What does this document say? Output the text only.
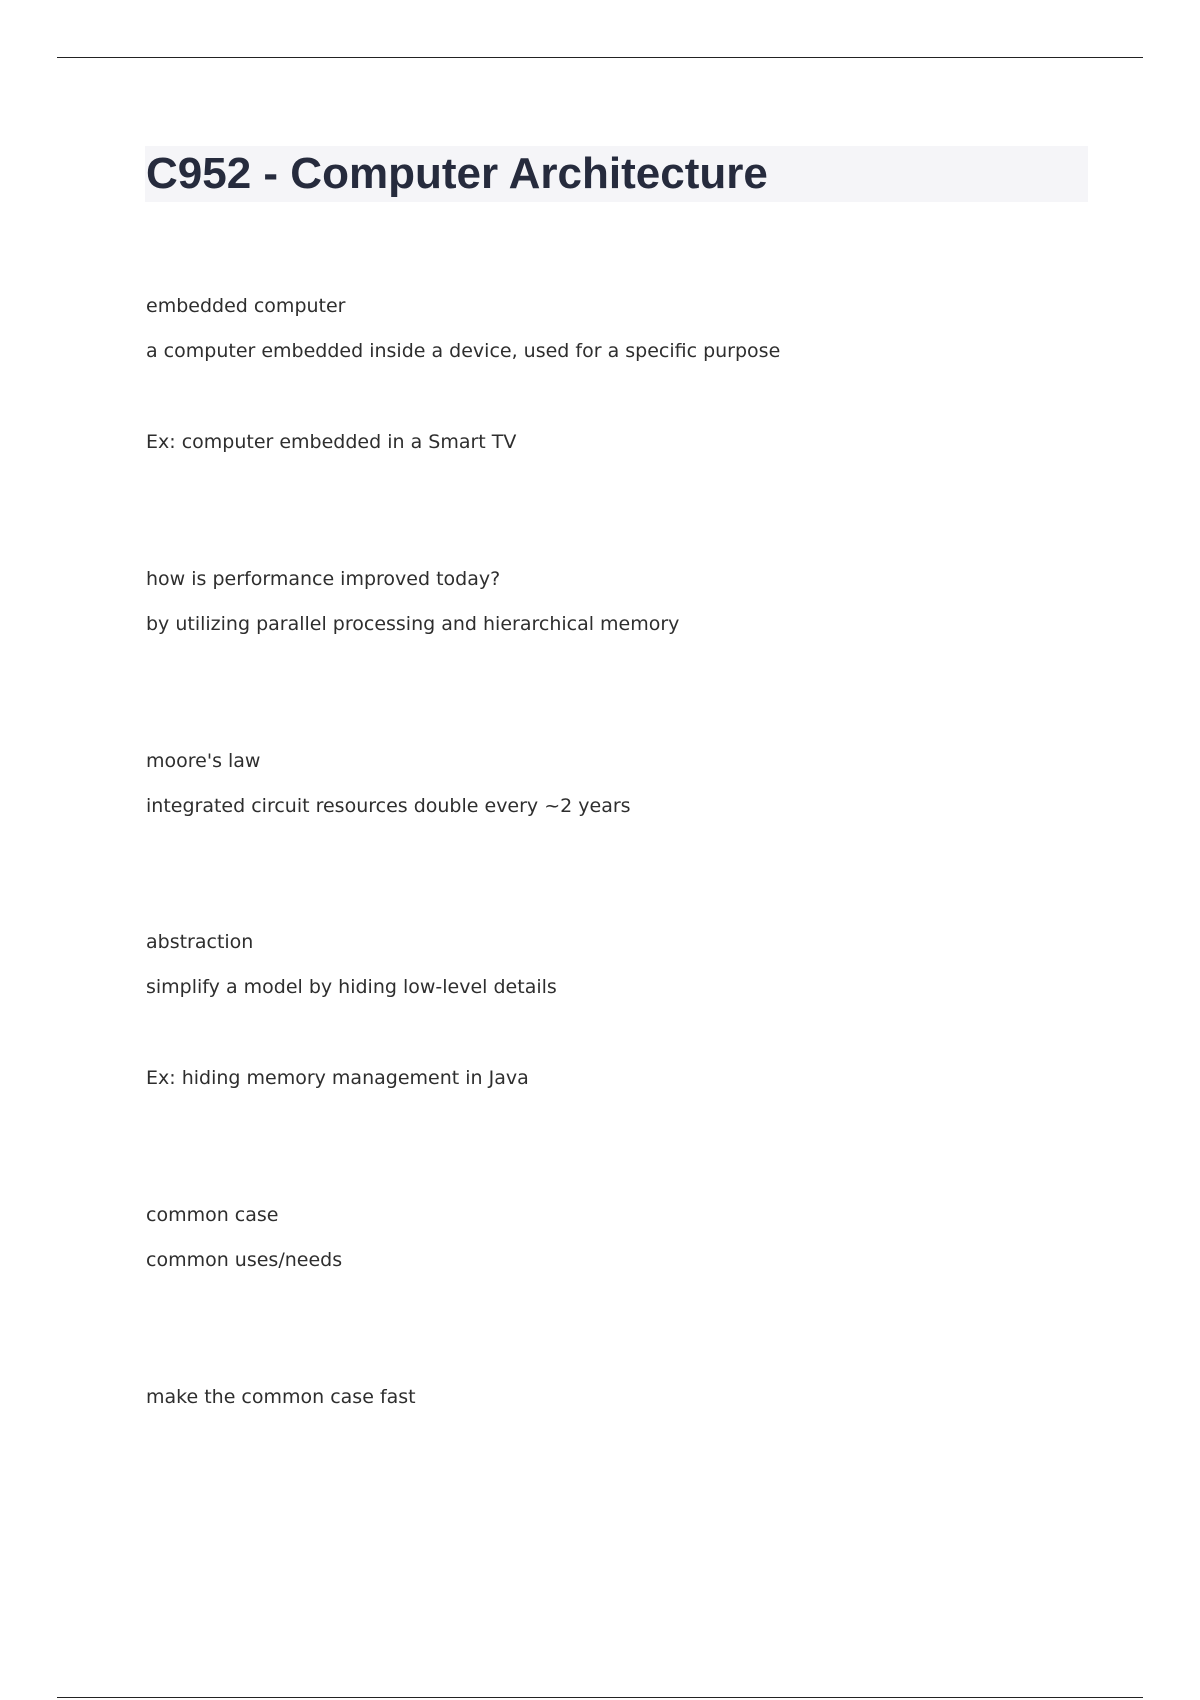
C952 - Computer Architecture
embedded computer
a computer embedded inside a device, used for a specific purpose
Ex: computer embedded in a Smart TV
how is performance improved today?
by utilizing parallel processing and hierarchical memory
moore's law
integrated circuit resources double every ~2 years
abstraction
simplify a model by hiding low-level details
Ex: hiding memory management in Java
common case
common uses/needs
make the common case fast
